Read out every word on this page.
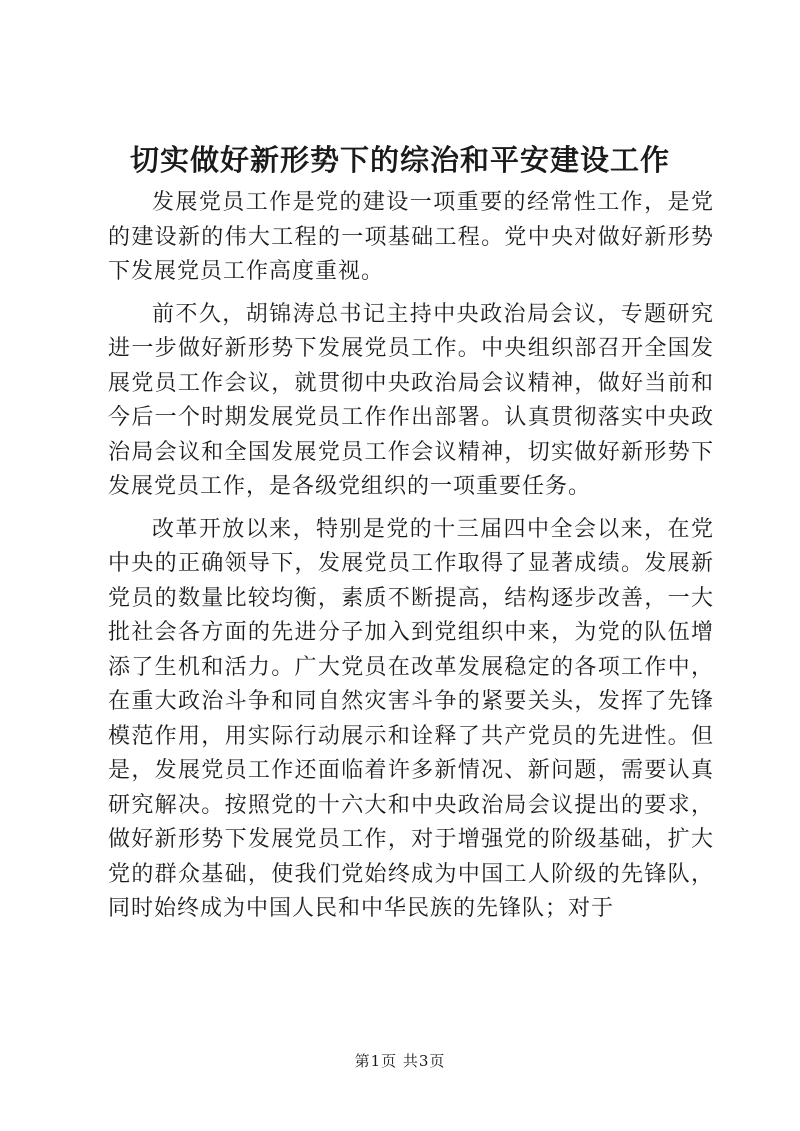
切实做好新形势下的综治和平安建设工作

发展党员工作是党的建设一项重要的经常性工作，是党的建设新的伟大工程的一项基础工程。党中央对做好新形势下发展党员工作高度重视。

前不久，胡锦涛总书记主持中央政治局会议，专题研究进一步做好新形势下发展党员工作。中央组织部召开全国发展党员工作会议，就贯彻中央政治局会议精神，做好当前和今后一个时期发展党员工作作出部署。认真贯彻落实中央政治局会议和全国发展党员工作会议精神，切实做好新形势下发展党员工作，是各级党组织的一项重要任务。

改革开放以来，特别是党的十三届四中全会以来，在党中央的正确领导下，发展党员工作取得了显著成绩。发展新党员的数量比较均衡，素质不断提高，结构逐步改善，一大批社会各方面的先进分子加入到党组织中来，为党的队伍增添了生机和活力。广大党员在改革发展稳定的各项工作中，在重大政治斗争和同自然灾害斗争的紧要关头，发挥了先锋模范作用，用实际行动展示和诠释了共产党员的先进性。但是，发展党员工作还面临着许多新情况、新问题，需要认真研究解决。按照党的十六大和中央政治局会议提出的要求，做好新形势下发展党员工作，对于增强党的阶级基础，扩大党的群众基础，使我们党始终成为中国工人阶级的先锋队，同时始终成为中国人民和中华民族的先锋队；对于

第1页 共3页
